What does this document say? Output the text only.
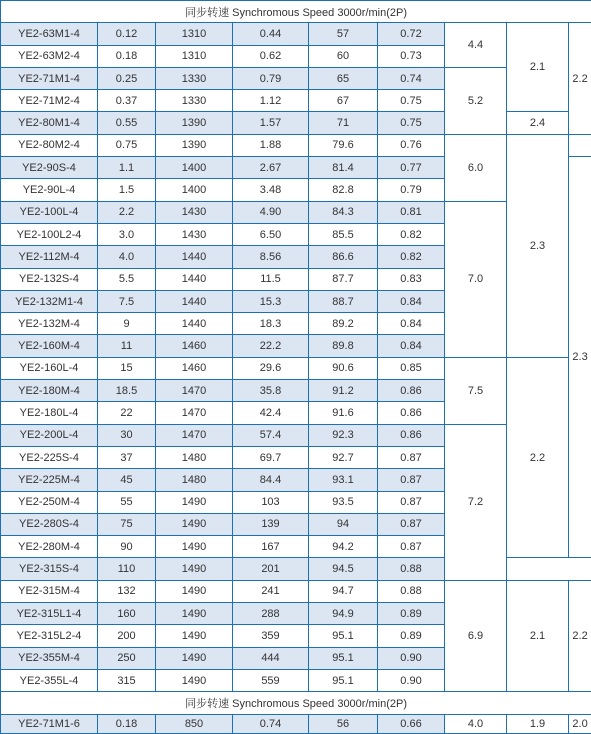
同步转速 Synchromous Speed 3000r/min(2P)								
YE2-63M1-4	0.12	1310	0.44	57	0.72	4.4	2.1	2.2
YE2-63M2-4	0.18	1310	0.62	60	0.73			
YE2-71M1-4	0.25	1330	0.79	65	0.74	5.2		
YE2-71M2-4	0.37	1330	1.12	67	0.75			
YE2-80M1-4	0.55	1390	1.57	71	0.75		2.4	
YE2-80M2-4	0.75	1390	1.88	79.6	0.76	6.0	2.3	
YE2-90S-4	1.1	1400	2.67	81.4	0.77			2.3
YE2-90L-4	1.5	1400	3.48	82.8	0.79			
YE2-100L-4	2.2	1430	4.90	84.3	0.81	7.0		
YE2-100L2-4	3.0	1430	6.50	85.5	0.82			
YE2-112M-4	4.0	1440	8.56	86.6	0.82			
YE2-132S-4	5.5	1440	11.5	87.7	0.83			
YE2-132M1-4	7.5	1440	15.3	88.7	0.84			
YE2-132M-4	9	1440	18.3	89.2	0.84			
YE2-160M-4	11	1460	22.2	89.8	0.84			
YE2-160L-4	15	1460	29.6	90.6	0.85	7.5	2.2	
YE2-180M-4	18.5	1470	35.8	91.2	0.86			
YE2-180L-4	22	1470	42.4	91.6	0.86			
YE2-200L-4	30	1470	57.4	92.3	0.86	7.2		
YE2-225S-4	37	1480	69.7	92.7	0.87			
YE2-225M-4	45	1480	84.4	93.1	0.87			
YE2-250M-4	55	1490	103	93.5	0.87			
YE2-280S-4	75	1490	139	94	0.87			
YE2-280M-4	90	1490	167	94.2	0.87			
YE2-315S-4	110	1490	201	94.5	0.88			
YE2-315M-4	132	1490	241	94.7	0.88	6.9	2.1	2.2
YE2-315L1-4	160	1490	288	94.9	0.89			
YE2-315L2-4	200	1490	359	95.1	0.89			
YE2-355M-4	250	1490	444	95.1	0.90			
YE2-355L-4	315	1490	559	95.1	0.90			
同步转速 Synchromous Speed 3000r/min(2P)								
YE2-71M1-6	0.18	850	0.74	56	0.66	4.0	1.9	2.0
